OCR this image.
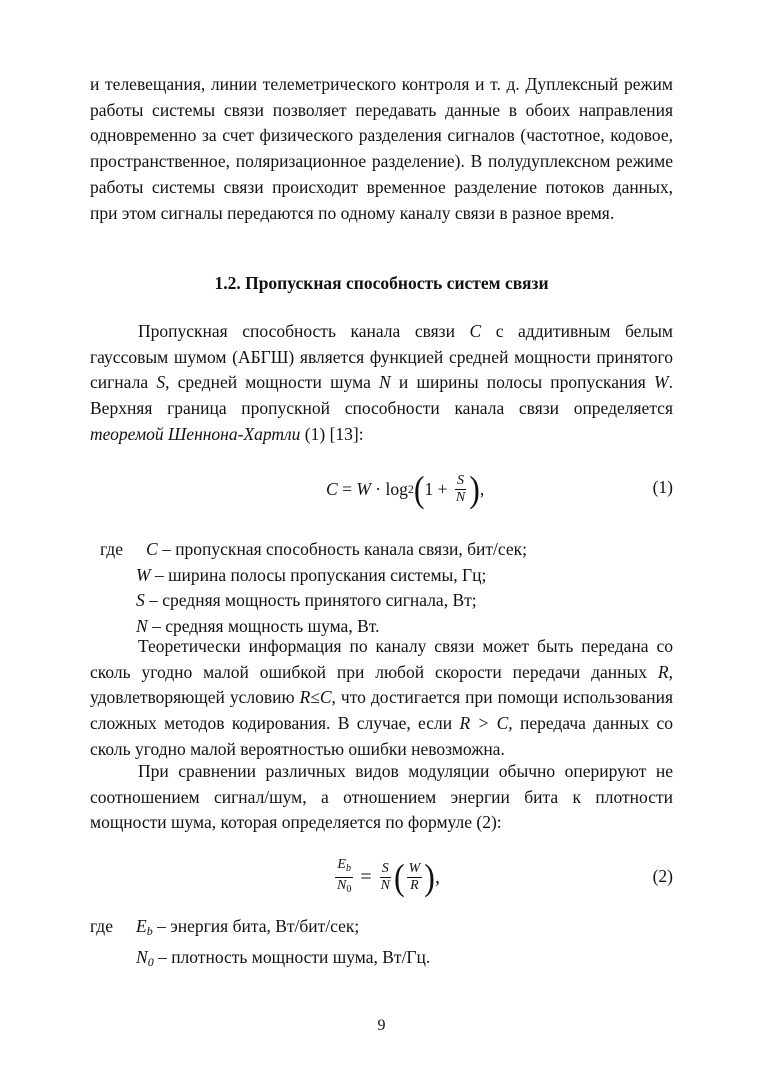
и телевещания, линии телеметрического контроля и т. д. Дуплексный режим работы системы связи позволяет передавать данные в обоих направления одновременно за счет физического разделения сигналов (частотное, кодовое, пространственное, поляризационное разделение). В полудуплексном режиме работы системы связи происходит временное разделение потоков данных, при этом сигналы передаются по одному каналу связи в разное время.

1.2. Пропускная способность систем связи

Пропускная способность канала связи C с аддитивным белым гауссовым шумом (АБГШ) является функцией средней мощности принятого сигнала S, средней мощности шума N и ширины полосы пропускания W. Верхняя граница пропускной способности канала связи определяется теоремой Шеннона-Хартли (1) [13]:

C = W · log 2 ( $1 + \frac{S}{N}$ ) ,	(1)
где C – пропускная способность канала связи, бит/сек;
W – ширина полосы пропускания системы, Гц;
S – средняя мощность принятого сигнала, Вт;
N – средняя мощность шума, Вт.

Теоретически информация по каналу связи может быть передана со сколь угодно малой ошибкой при любой скорости передачи данных R, удовлетворяющей условию R≤C, что достигается при помощи использования сложных методов кодирования. В случае, если R > C, передача данных со сколь угодно малой вероятностью ошибки невозможна.

При сравнении различных видов модуляции обычно оперируют не соотношением сигнал/шум, а отношением энергии бита к плотности мощности шума, которая определяется по формуле (2):

$\frac{E_b}{N_0} = \frac{S}{N}$ ( $\frac{W}{R}$ ) ,	(2)
где $E_b$ – энергия бита, Вт/бит/сек;
$N_0$ – плотность мощности шума, Вт/Гц.
9
